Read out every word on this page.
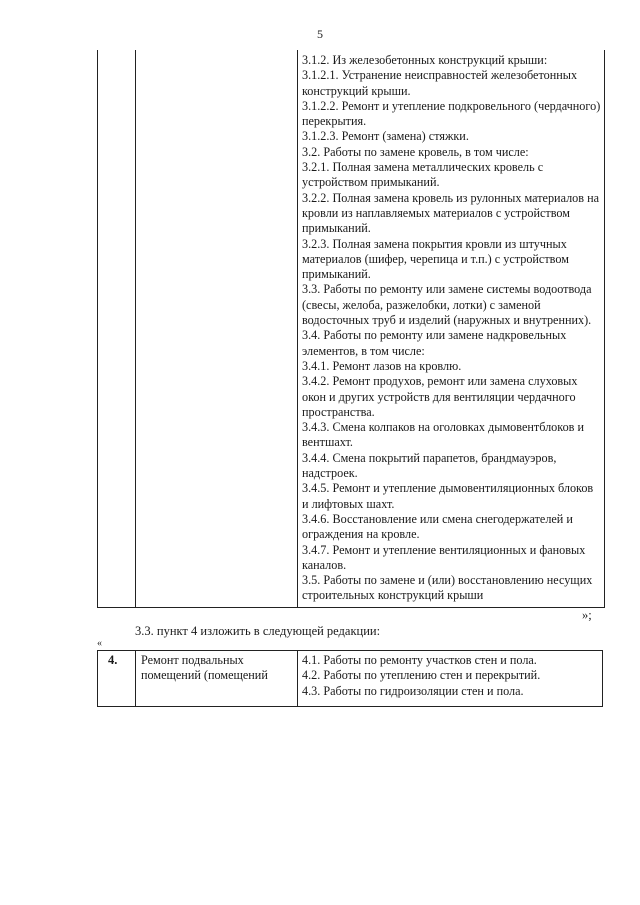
5

3.1.2. Из железобетонных конструкций крыши:

3.1.2.1. Устранение неисправностей железобетонных конструкций крыши.

3.1.2.2. Ремонт и утепление подкровельного (чердачного) перекрытия.

3.1.2.3. Ремонт (замена) стяжки.

3.2. Работы по замене кровель, в том числе:

3.2.1. Полная замена металлических кровель с устройством примыканий.

3.2.2. Полная замена кровель из рулонных материалов на кровли из наплавляемых материалов с устройством примыканий.

3.2.3. Полная замена покрытия кровли из штучных материалов (шифер, черепица и т.п.) с устройством примыканий.

3.3. Работы по ремонту или замене системы водоотвода (свесы, желоба, разжелобки, лотки) с заменой водосточных труб и изделий (наружных и внутренних).

3.4. Работы по ремонту или замене надкровельных элементов, в том числе:

3.4.1. Ремонт лазов на кровлю.

3.4.2. Ремонт продухов, ремонт или замена слуховых окон и других устройств для вентиляции чердачного пространства.

3.4.3. Смена колпаков на оголовках дымовентблоков и вентшахт.

3.4.4. Смена покрытий парапетов, брандмауэров, надстроек.

3.4.5. Ремонт и утепление дымовентиляционных блоков и лифтовых шахт.

3.4.6. Восстановление или смена снегодержателей и ограждения на кровле.

3.4.7. Ремонт и утепление вентиляционных и фановых каналов.

3.5. Работы по замене и (или) восстановлению несущих строительных конструкций крыши

»;
3.3. пункт 4 изложить в следующей редакции:
«
4. Ремонт подвальных помещений (помещений

4.1. Работы по ремонту участков стен и пола.

4.2. Работы по утеплению стен и перекрытий.

4.3. Работы по гидроизоляции стен и пола.
